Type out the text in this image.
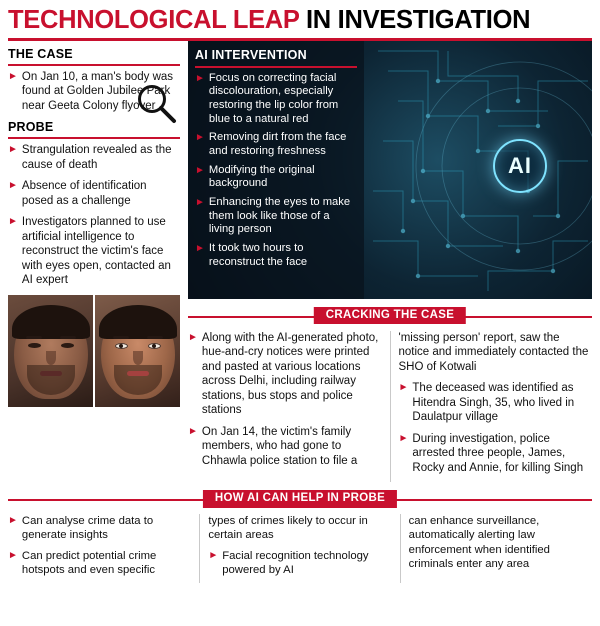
TECHNOLOGICAL LEAP IN INVESTIGATION
THE CASE
► On Jan 10, a man's body was found at Golden Jubilee Park near Geeta Colony flyover
PROBE
► Strangulation revealed as the cause of death
► Absence of identification posed as a challenge
► Investigators planned to use artificial intelligence to reconstruct the victim's face with eyes open, contacted an AI expert
AI
AI INTERVENTION
► Focus on correcting facial discolouration, especially restoring the lip color from blue to a natural red
► Removing dirt from the face and restoring freshness
► Modifying the original background
► Enhancing the eyes to make them look like those of a living person
► It took two hours to reconstruct the face
CRACKING THE CASE
► Along with the AI-generated photo, hue-and-cry notices were printed and pasted at various locations across Delhi, including railway stations, bus stops and police stations
► On Jan 14, the victim's family members, who had gone to Chhawla police station to file a
'missing person' report, saw the notice and immediately contacted the SHO of Kotwali
► The deceased was identified as Hitendra Singh, 35, who lived in Daulatpur village
► During investigation, police arrested three people, James, Rocky and Annie, for killing Singh
HOW AI CAN HELP IN PROBE
► Can analyse crime data to generate insights
► Can predict potential crime hotspots and even specific
types of crimes likely to occur in certain areas
► Facial recognition technology powered by AI
can enhance surveillance, automatically alerting law enforcement when identified criminals enter any area
